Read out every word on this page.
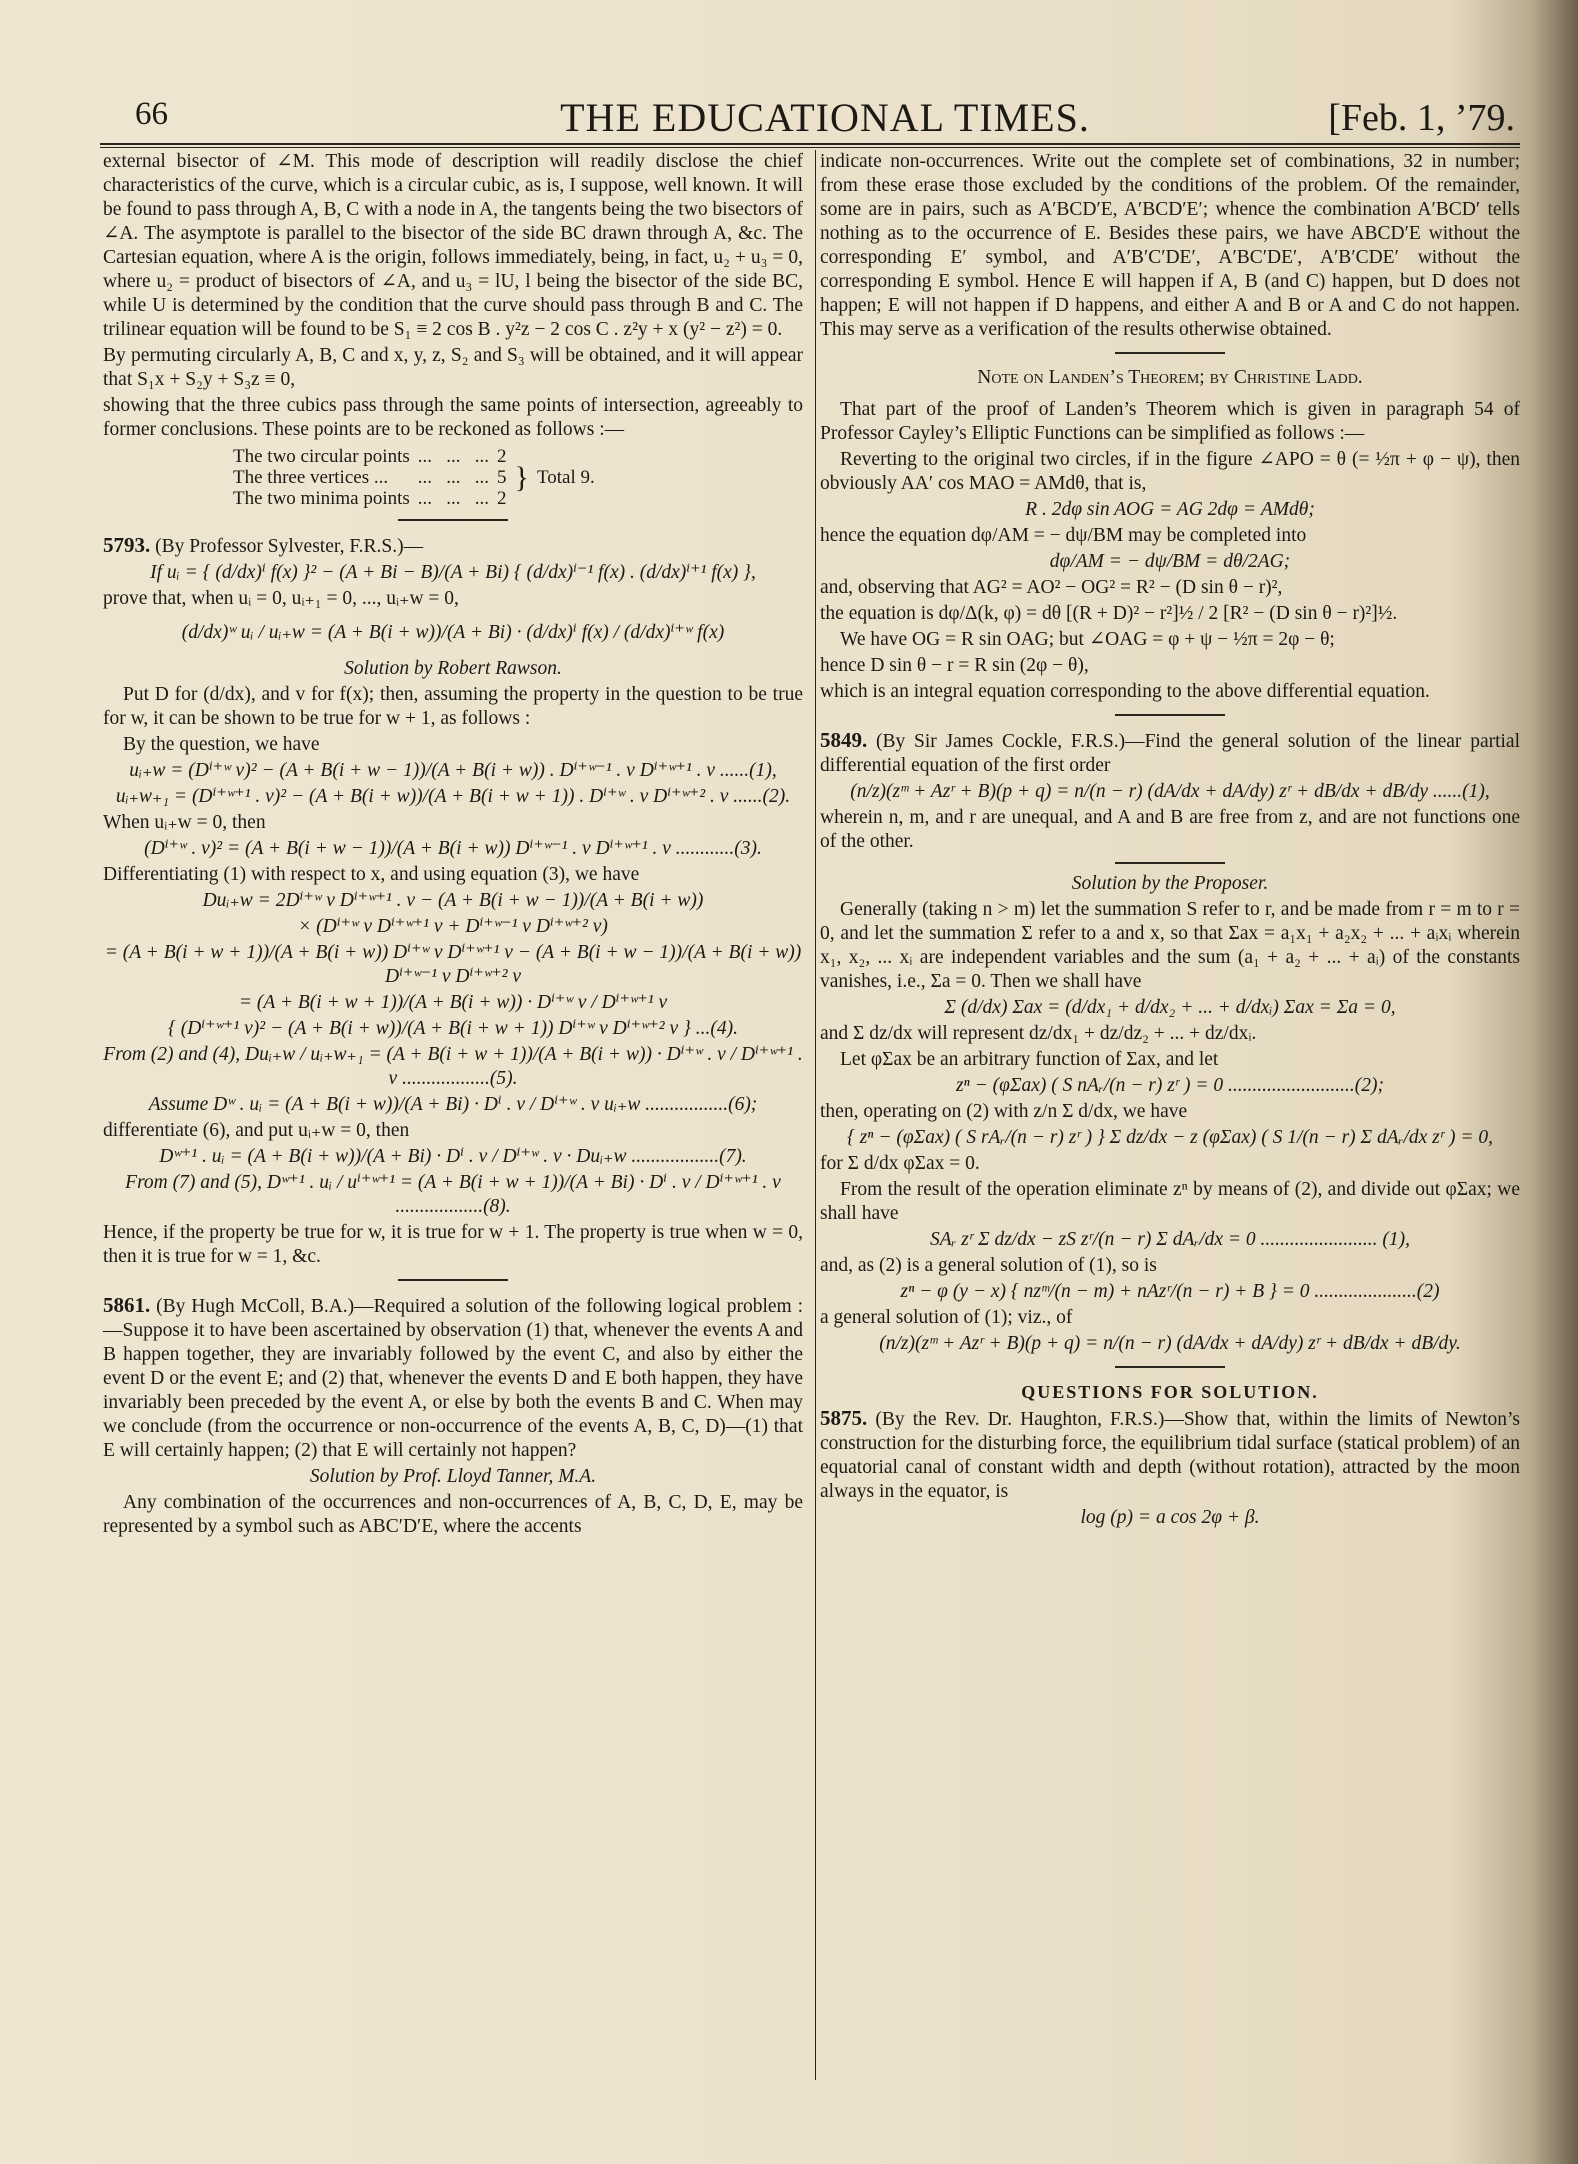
66	THE EDUCATIONAL TIMES.	[Feb. 1, ’79.

external bisector of ∠M. This mode of description will readily disclose the chief characteristics of the curve, which is a circular cubic, as is, I suppose, well known. It will be found to pass through A, B, C with a node in A, the tangents being the two bisectors of ∠A. The asymptote is parallel to the bisector of the side BC drawn through A, &c. The Cartesian equation, where A is the origin, follows immediately, being, in fact, u₂ + u₃ = 0, where u₂ = product of bisectors of ∠A, and u₃ = lU, l being the bisector of the side BC, while U is determined by the condition that the curve should pass through B and C. The trilinear equation will be found to be S₁ ≡ 2 cos B . y²z − 2 cos C . z²y + x (y² − z²) = 0.

By permuting circularly A, B, C and x, y, z, S₂ and S₃ will be obtained, and it will appear that S₁x + S₂y + S₃z ≡ 0,

showing that the three cubics pass through the same points of intersection, agreeably to former conclusions. These points are to be reckoned as follows :—

The two circular points	...   ...   ...	2	}	Total 9.
The three vertices ...	...   ...   ...	5		
The two minima points	...   ...   ...	2		

5793. (By Professor Sylvester, F.R.S.)—

If uᵢ = { (d/dx)ⁱ f(x) }² − (A + Bi − B)/(A + Bi) { (d/dx)ⁱ⁻¹ f(x) . (d/dx)ⁱ⁺¹ f(x) },

prove that, when uᵢ = 0, uᵢ₊₁ = 0, ..., uᵢ₊w = 0,

(d/dx)ʷ uᵢ / uᵢ₊w = (A + B(i + w))/(A + Bi) · (d/dx)ⁱ f(x) / (d/dx)ⁱ⁺ʷ f(x)

Solution by Robert Rawson.

Put D for (d/dx), and v for f(x); then, assuming the property in the question to be true for w, it can be shown to be true for w + 1, as follows :

By the question, we have

uᵢ₊w = (Dⁱ⁺ʷ v)² − (A + B(i + w − 1))/(A + B(i + w)) . Dⁱ⁺ʷ⁻¹ . v Dⁱ⁺ʷ⁺¹ . v ......(1),

uᵢ₊w₊₁ = (Dⁱ⁺ʷ⁺¹ . v)² − (A + B(i + w))/(A + B(i + w + 1)) . Dⁱ⁺ʷ . v Dⁱ⁺ʷ⁺² . v ......(2).

When uᵢ₊w = 0, then

(Dⁱ⁺ʷ . v)² = (A + B(i + w − 1))/(A + B(i + w)) Dⁱ⁺ʷ⁻¹ . v Dⁱ⁺ʷ⁺¹ . v ............(3).

Differentiating (1) with respect to x, and using equation (3), we have

Duᵢ₊w = 2Dⁱ⁺ʷ v Dⁱ⁺ʷ⁺¹ . v − (A + B(i + w − 1))/(A + B(i + w))

× (Dⁱ⁺ʷ v Dⁱ⁺ʷ⁺¹ v + Dⁱ⁺ʷ⁻¹ v Dⁱ⁺ʷ⁺² v)

= (A + B(i + w + 1))/(A + B(i + w)) Dⁱ⁺ʷ v Dⁱ⁺ʷ⁺¹ v − (A + B(i + w − 1))/(A + B(i + w)) Dⁱ⁺ʷ⁻¹ v Dⁱ⁺ʷ⁺² v

= (A + B(i + w + 1))/(A + B(i + w)) · Dⁱ⁺ʷ v / Dⁱ⁺ʷ⁺¹ v

{ (Dⁱ⁺ʷ⁺¹ v)² − (A + B(i + w))/(A + B(i + w + 1)) Dⁱ⁺ʷ v Dⁱ⁺ʷ⁺² v } ...(4).

From (2) and (4), Duᵢ₊w / uᵢ₊w₊₁ = (A + B(i + w + 1))/(A + B(i + w)) · Dⁱ⁺ʷ . v / Dⁱ⁺ʷ⁺¹ . v ..................(5).

Assume Dʷ . uᵢ = (A + B(i + w))/(A + Bi) · Dⁱ . v / Dⁱ⁺ʷ . v uᵢ₊w .................(6);

differentiate (6), and put uᵢ₊w = 0, then

Dʷ⁺¹ . uᵢ = (A + B(i + w))/(A + Bi) · Dⁱ . v / Dⁱ⁺ʷ . v · Duᵢ₊w ..................(7).

From (7) and (5), Dʷ⁺¹ . uᵢ / uⁱ⁺ʷ⁺¹ = (A + B(i + w + 1))/(A + Bi) · Dⁱ . v / Dⁱ⁺ʷ⁺¹ . v ..................(8).

Hence, if the property be true for w, it is true for w + 1. The property is true when w = 0, then it is true for w = 1, &c.

5861. (By Hugh McColl, B.A.)—Required a solution of the following logical problem :—Suppose it to have been ascertained by observation (1) that, whenever the events A and B happen together, they are invariably followed by the event C, and also by either the event D or the event E; and (2) that, whenever the events D and E both happen, they have invariably been preceded by the event A, or else by both the events B and C. When may we conclude (from the occurrence or non-occurrence of the events A, B, C, D)—(1) that E will certainly happen; (2) that E will certainly not happen?

Solution by Prof. Lloyd Tanner, M.A.

Any combination of the occurrences and non-occurrences of A, B, C, D, E, may be represented by a symbol such as ABC′D′E, where the accents

indicate non-occurrences. Write out the complete set of combinations, 32 in number; from these erase those excluded by the conditions of the problem. Of the remainder, some are in pairs, such as A′BCD′E, A′BCD′E′; whence the combination A′BCD′ tells nothing as to the occurrence of E. Besides these pairs, we have ABCD′E without the corresponding E′ symbol, and A′B′C′DE′, A′BC′DE′, A′B′CDE′ without the corresponding E symbol. Hence E will happen if A, B (and C) happen, but D does not happen; E will not happen if D happens, and either A and B or A and C do not happen. This may serve as a verification of the results otherwise obtained.

Note on Landen’s Theorem; by Christine Ladd.

That part of the proof of Landen’s Theorem which is given in paragraph 54 of Professor Cayley’s Elliptic Functions can be simplified as follows :—

Reverting to the original two circles, if in the figure ∠APO = θ (= ½π + φ − ψ), then obviously AA′ cos MAO = AMdθ, that is,

R . 2dφ sin AOG = AG 2dφ = AMdθ;

hence the equation dφ/AM = − dψ/BM may be completed into

dφ/AM = − dψ/BM = dθ/2AG;

and, observing that AG² = AO² − OG² = R² − (D sin θ − r)²,

the equation is dφ/Δ(k, φ) = dθ [(R + D)² − r²]½ / 2 [R² − (D sin θ − r)²]½.

We have OG = R sin OAG; but ∠OAG = φ + ψ − ½π = 2φ − θ;

hence D sin θ − r = R sin (2φ − θ),

which is an integral equation corresponding to the above differential equation.

5849. (By Sir James Cockle, F.R.S.)—Find the general solution of the linear partial differential equation of the first order

(n/z)(zᵐ + Azʳ + B)(p + q) = n/(n − r) (dA/dx + dA/dy) zʳ + dB/dx + dB/dy ......(1),

wherein n, m, and r are unequal, and A and B are free from z, and are not functions one of the other.

Solution by the Proposer.

Generally (taking n > m) let the summation S refer to r, and be made from r = m to r = 0, and let the summation Σ refer to a and x, so that Σax = a₁x₁ + a₂x₂ + ... + aᵢxᵢ wherein x₁, x₂, ... xᵢ are independent variables and the sum (a₁ + a₂ + ... + aᵢ) of the constants vanishes, i.e., Σa = 0. Then we shall have

Σ (d/dx) Σax = (d/dx₁ + d/dx₂ + ... + d/dxᵢ) Σax = Σa = 0,

and Σ dz/dx will represent dz/dx₁ + dz/dz₂ + ... + dz/dxᵢ.

Let φΣax be an arbitrary function of Σax, and let

zⁿ − (φΣax) ( S nAᵣ/(n − r) zʳ ) = 0 ..........................(2);

then, operating on (2) with z/n Σ d/dx, we have

{ zⁿ − (φΣax) ( S rAᵣ/(n − r) zʳ ) } Σ dz/dx − z (φΣax) ( S 1/(n − r) Σ dAᵣ/dx zʳ ) = 0,

for Σ d/dx φΣax = 0.

From the result of the operation eliminate zⁿ by means of (2), and divide out φΣax; we shall have

SAᵣ zʳ Σ dz/dx − zS zʳ/(n − r) Σ dAᵣ/dx = 0 ........................ (1),

and, as (2) is a general solution of (1), so is

zⁿ − φ (y − x) { nzᵐ/(n − m) + nAzʳ/(n − r) + B } = 0 .....................(2)

a general solution of (1); viz., of

(n/z)(zᵐ + Azʳ + B)(p + q) = n/(n − r) (dA/dx + dA/dy) zʳ + dB/dx + dB/dy.

QUESTIONS FOR SOLUTION.

5875. (By the Rev. Dr. Haughton, F.R.S.)—Show that, within the limits of Newton’s construction for the disturbing force, the equilibrium tidal surface (statical problem) of an equatorial canal of constant width and depth (without rotation), attracted by the moon always in the equator, is

log (p) = a cos 2φ + β.
